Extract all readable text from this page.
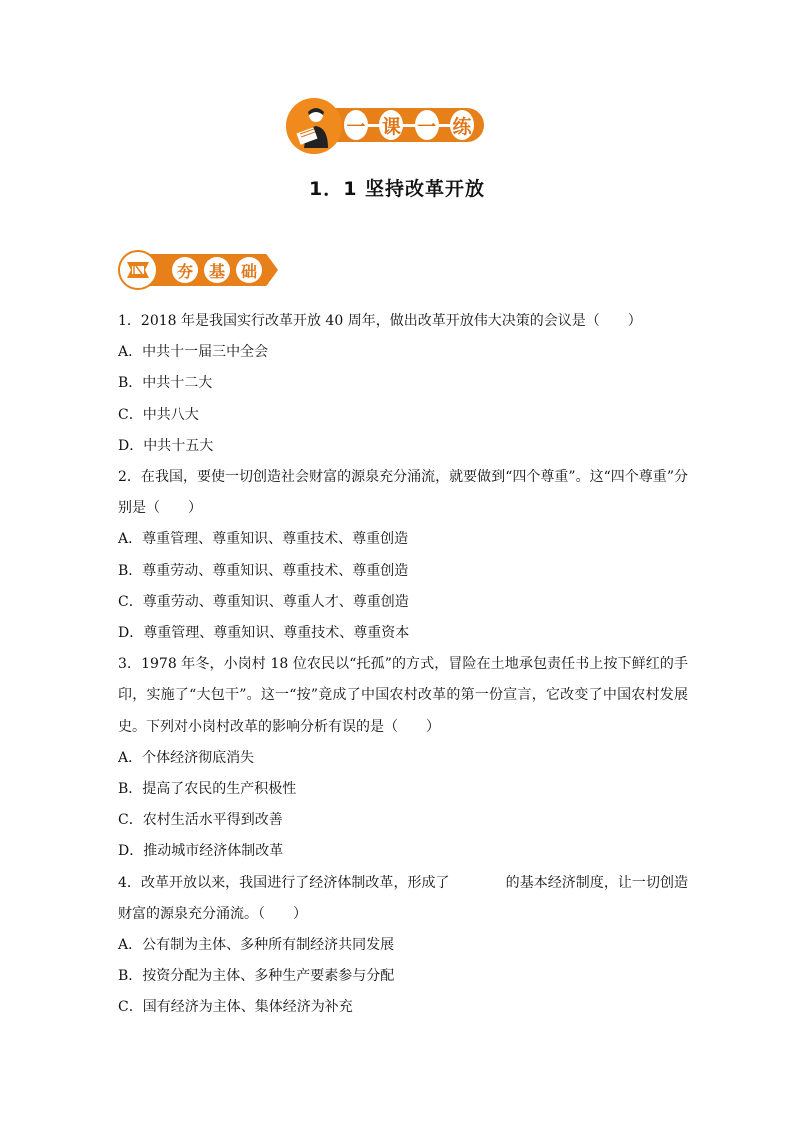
一 课 一 练
1．1 坚持改革开放
夯 基 础

1．2018 年是我国实行改革开放 40 周年，做出改革开放伟大决策的会议是（　　）

A．中共十一届三中全会

B．中共十二大

C．中共八大

D．中共十五大

2．在我国，要使一切创造社会财富的源泉充分涌流，就要做到“四个尊重”。这“四个尊重”分别是（　　）

A．尊重管理、尊重知识、尊重技术、尊重创造

B．尊重劳动、尊重知识、尊重技术、尊重创造

C．尊重劳动、尊重知识、尊重人才、尊重创造

D．尊重管理、尊重知识、尊重技术、尊重资本

3．1978 年冬，小岗村 18 位农民以“托孤”的方式，冒险在土地承包责任书上按下鲜红的手印，实施了“大包干”。这一“按”竟成了中国农村改革的第一份宣言，它改变了中国农村发展史。下列对小岗村改革的影响分析有误的是（　　）

A．个体经济彻底消失

B．提高了农民的生产积极性

C．农村生活水平得到改善

D．推动城市经济体制改革

4．改革开放以来，我国进行了经济体制改革，形成了　　　　的基本经济制度，让一切创造财富的源泉充分涌流。（　　）

A．公有制为主体、多种所有制经济共同发展

B．按资分配为主体、多种生产要素参与分配

C．国有经济为主体、集体经济为补充
